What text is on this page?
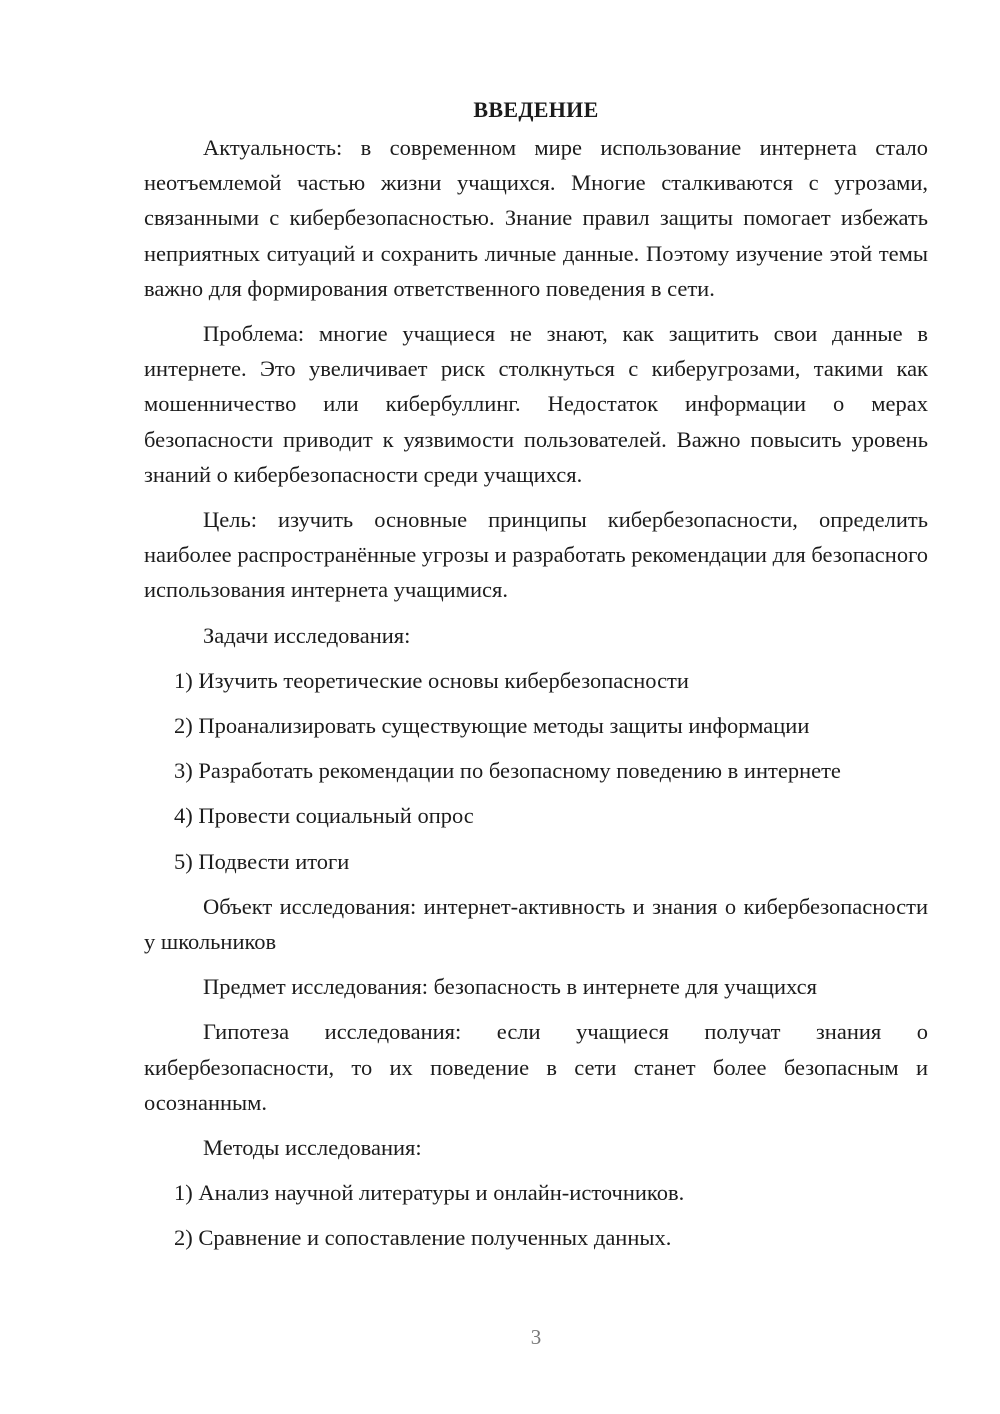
ВВЕДЕНИЕ

Актуальность: в современном мире использование интернета стало неотъемлемой частью жизни учащихся. Многие сталкиваются с угрозами, связанными с кибербезопасностью. Знание правил защиты помогает избежать неприятных ситуаций и сохранить личные данные. Поэтому изучение этой темы важно для формирования ответственного поведения в сети.

Проблема: многие учащиеся не знают, как защитить свои данные в интернете. Это увеличивает риск столкнуться с киберугрозами, такими как мошенничество или кибербуллинг. Недостаток информации о мерах безопасности приводит к уязвимости пользователей. Важно повысить уровень знаний о кибербезопасности среди учащихся.

Цель: изучить основные принципы кибербезопасности, определить наиболее распространённые угрозы и разработать рекомендации для безопасного использования интернета учащимися.

Задачи исследования:

1) Изучить теоретические основы кибербезопасности
2) Проанализировать существующие методы защиты информации
3) Разработать рекомендации по безопасному поведению в интернете
4) Провести социальный опрос
5) Подвести итоги

Объект исследования: интернет-активность и знания о кибербезопасности у школьников

Предмет исследования: безопасность в интернете для учащихся

Гипотеза исследования: если учащиеся получат знания о кибербезопасности, то их поведение в сети станет более безопасным и осознанным.

Методы исследования:

1) Анализ научной литературы и онлайн-источников.
2) Сравнение и сопоставление полученных данных.
3
